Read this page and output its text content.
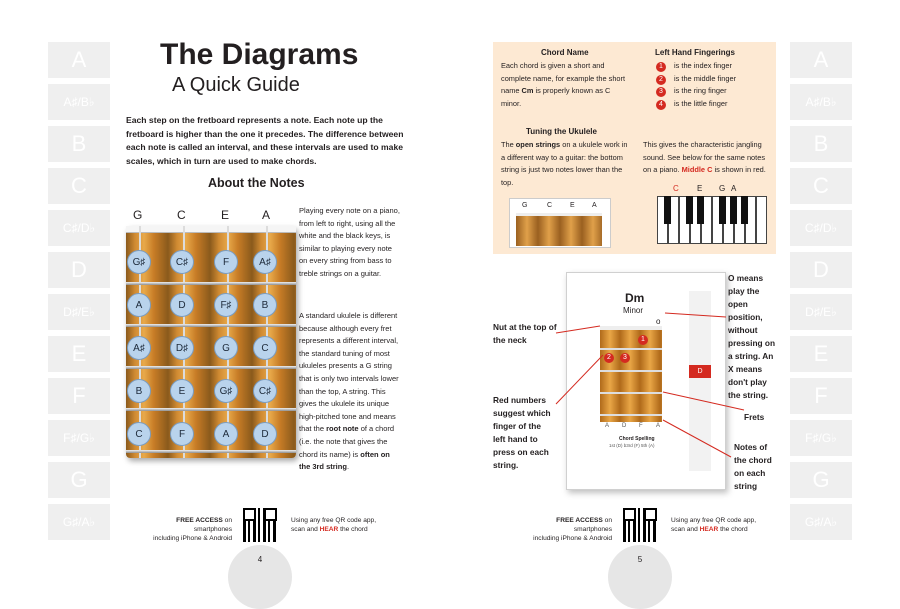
A
A♯/B♭
B
C
C♯/D♭
D
D♯/E♭
E
F
F♯/G♭
G
G♯/A♭
A
A♯/B♭
B
C
C♯/D♭
D
D♯/E♭
E
F
F♯/G♭
G
G♯/A♭
The Diagrams
A Quick Guide
Each step on the fretboard represents a note. Each note up the fretboard is higher than the one it precedes. The difference between each note is called an interval, and these intervals are used to make scales, which in turn are used to make chords.
About the Notes
G	C	E	A
G♯	C♯	F	A♯
A	D	F♯	B
A♯	D♯	G	C
B	E	G♯	C♯
C	F	A	D
Playing every note on a piano, from left to right, using all the white and the black keys, is similar to playing every note on every string from bass to treble strings on a guitar.
A standard ukulele is different because although every fret represents a different interval, the standard tuning of most ukuleles presents a G string that is only two intervals lower than the top, A string. This gives the ukulele its unique high-pitched tone and means that the root note of a chord (i.e. the note that gives the chord its name) is often on the 3rd string.
FREE ACCESS on smartphones
including iPhone & Android
Using any free QR code app,
scan and HEAR the chord
4
Chord Name
Each chord is given a short and complete name, for example the short name Cm is properly known as C minor.
Left Hand Fingerings
1 is the index finger
2 is the middle finger
3 is the ring finger
4 is the little finger
Tuning the Ukulele
The open strings on a ukulele work in a different way to a guitar: the bottom string is just two notes lower than the top.
This gives the characteristic jangling sound. See below for the same notes on a piano. Middle C is shown in red.
G	C	E A
C E G A
Dm
Minor
o
1
2	3
A D F A
Chord Spelling
1st (D) b3rd (F) 5th (A)
D
Nut at the top of the neck
Red numbers suggest which finger of the left hand to press on each string.
O means play the open position, without pressing on a string. An X means don't play the string.
Frets
Notes of the chord on each string
FREE ACCESS on smartphones
including iPhone & Android
Using any free QR code app,
scan and HEAR the chord
5
